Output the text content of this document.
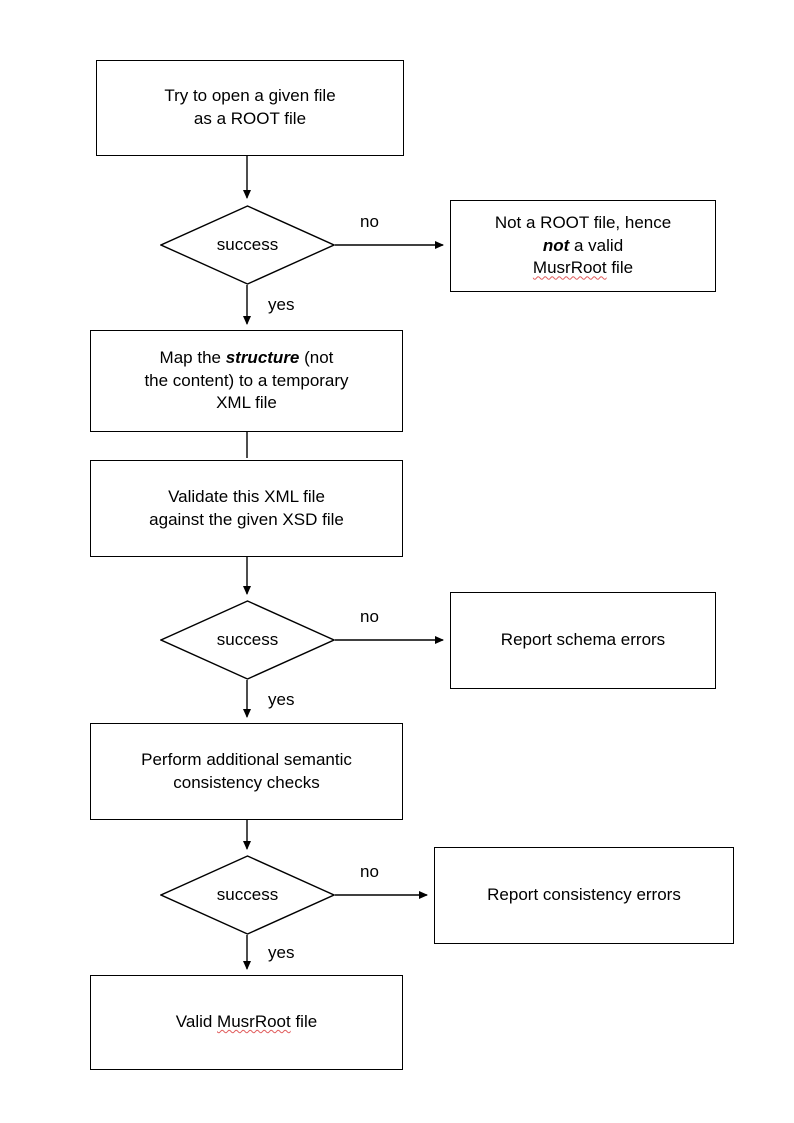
Try to open a given file
as a ROOT file
success
Not a ROOT file, hence
not a valid
MusrRoot file
Map the structure (not
the content) to a temporary
XML file
Validate this XML file
against the given XSD file
success	Report schema errors
Perform additional semantic
consistency checks
success	Report consistency errors
Valid MusrRoot file
no
yes
no
yes
no
yes
